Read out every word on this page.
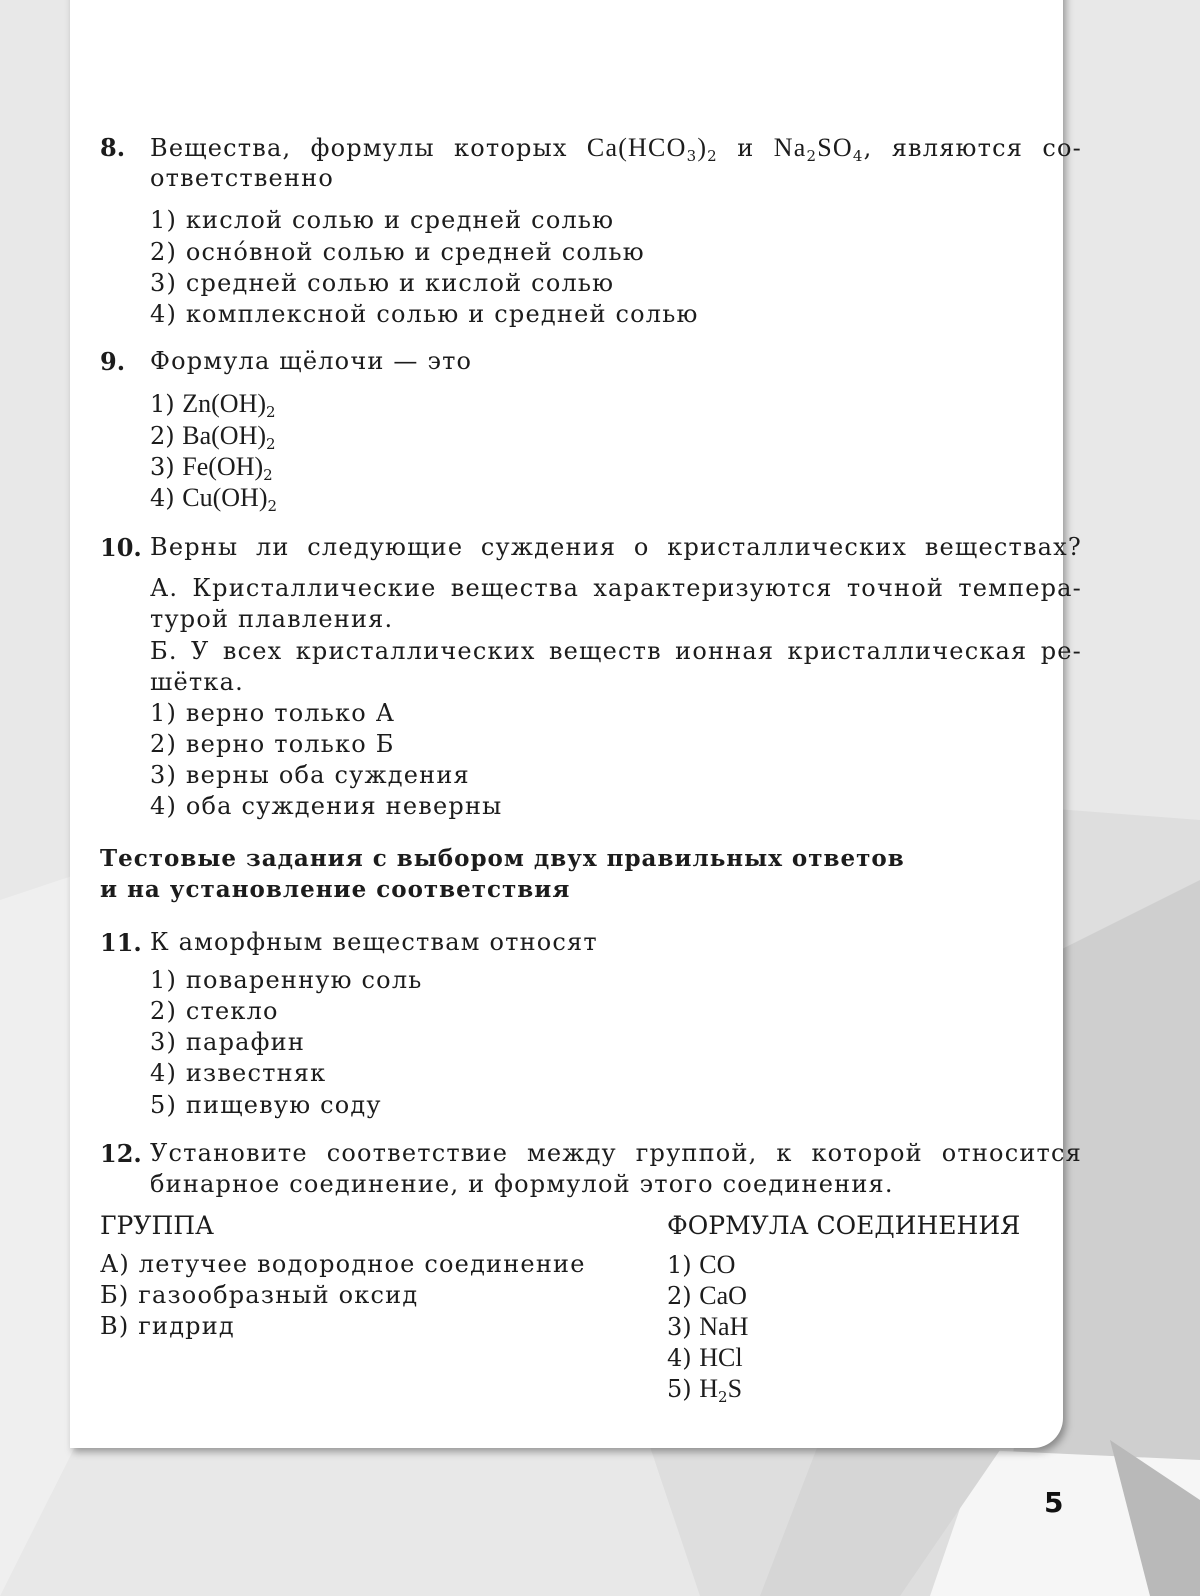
8. Вещества, формулы которых $Ca(HCO_3)_2$ и $Na_2SO_4$, являются со-
ответственно
1) кислой солью и средней солью
2) осно́вной солью и средней солью
3) средней солью и кислой солью
4) комплексной солью и средней солью
9. Формула щёлочи — это
1) $Zn(OH)_2$
2) $Ba(OH)_2$
3) $Fe(OH)_2$
4) $Cu(OH)_2$
10. Верны ли следующие суждения о кристаллических веществах?
А. Кристаллические вещества характеризуются точной темпера-
турой плавления.
Б. У всех кристаллических веществ ионная кристаллическая ре-
шётка.
1) верно только А
2) верно только Б
3) верны оба суждения
4) оба суждения неверны
Тестовые задания с выбором двух правильных ответов
и на установление соответствия
11. К аморфным веществам относят
1) поваренную соль
2) стекло
3) парафин
4) известняк
5) пищевую соду
12. Установите соответствие между группой, к которой относится
бинарное соединение, и формулой этого соединения.
ГРУППА	ФОРМУЛА СОЕДИНЕНИЯ
А) летучее водородное соединение
Б) газообразный оксид
В) гидрид
1) CO
2) CaO
3) NaH
4) HCl
5) $H_2S$
5
